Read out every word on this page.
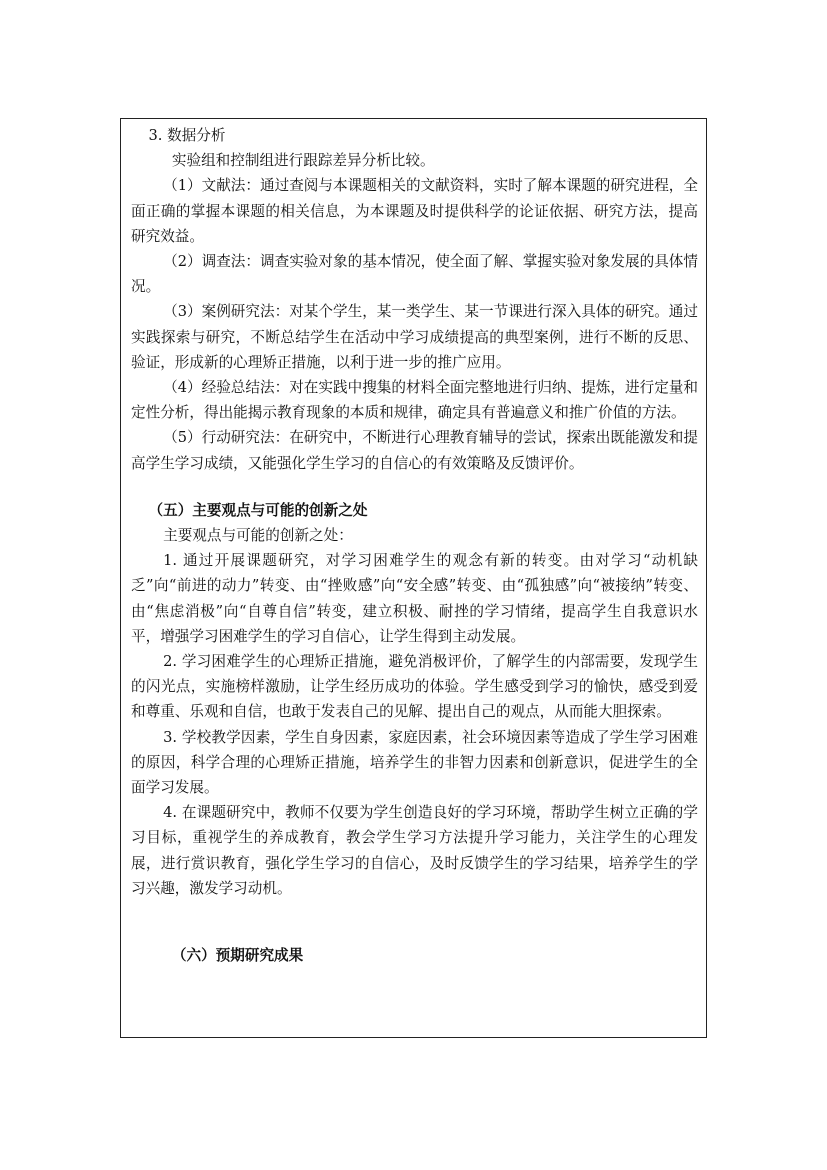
3. 数据分析

实验组和控制组进行跟踪差异分析比较。

（1）文献法：通过查阅与本课题相关的文献资料，实时了解本课题的研究进程，全面正确的掌握本课题的相关信息，为本课题及时提供科学的论证依据、研究方法，提高研究效益。

（2）调查法：调查实验对象的基本情况，使全面了解、掌握实验对象发展的具体情况。

（3）案例研究法：对某个学生，某一类学生、某一节课进行深入具体的研究。通过实践探索与研究，不断总结学生在活动中学习成绩提高的典型案例，进行不断的反思、验证，形成新的心理矫正措施，以利于进一步的推广应用。

（4）经验总结法：对在实践中搜集的材料全面完整地进行归纳、提炼，进行定量和定性分析，得出能揭示教育现象的本质和规律，确定具有普遍意义和推广价值的方法。

（5）行动研究法：在研究中，不断进行心理教育辅导的尝试，探索出既能激发和提高学生学习成绩，又能强化学生学习的自信心的有效策略及反馈评价。

（五）主要观点与可能的创新之处

主要观点与可能的创新之处：

1. 通过开展课题研究，对学习困难学生的观念有新的转变。由对学习“动机缺乏”向“前进的动力”转变、由“挫败感”向“安全感”转变、由“孤独感”向“被接纳”转变、由“焦虑消极”向“自尊自信”转变，建立积极、耐挫的学习情绪，提高学生自我意识水平，增强学习困难学生的学习自信心，让学生得到主动发展。

2. 学习困难学生的心理矫正措施，避免消极评价，了解学生的内部需要，发现学生的闪光点，实施榜样激励，让学生经历成功的体验。学生感受到学习的愉快，感受到爱和尊重、乐观和自信，也敢于发表自己的见解、提出自己的观点，从而能大胆探索。

3. 学校教学因素，学生自身因素，家庭因素，社会环境因素等造成了学生学习困难的原因，科学合理的心理矫正措施，培养学生的非智力因素和创新意识，促进学生的全面学习发展。

4. 在课题研究中，教师不仅要为学生创造良好的学习环境，帮助学生树立正确的学习目标，重视学生的养成教育，教会学生学习方法提升学习能力，关注学生的心理发展，进行赏识教育，强化学生学习的自信心，及时反馈学生的学习结果，培养学生的学习兴趣，激发学习动机。

（六）预期研究成果
